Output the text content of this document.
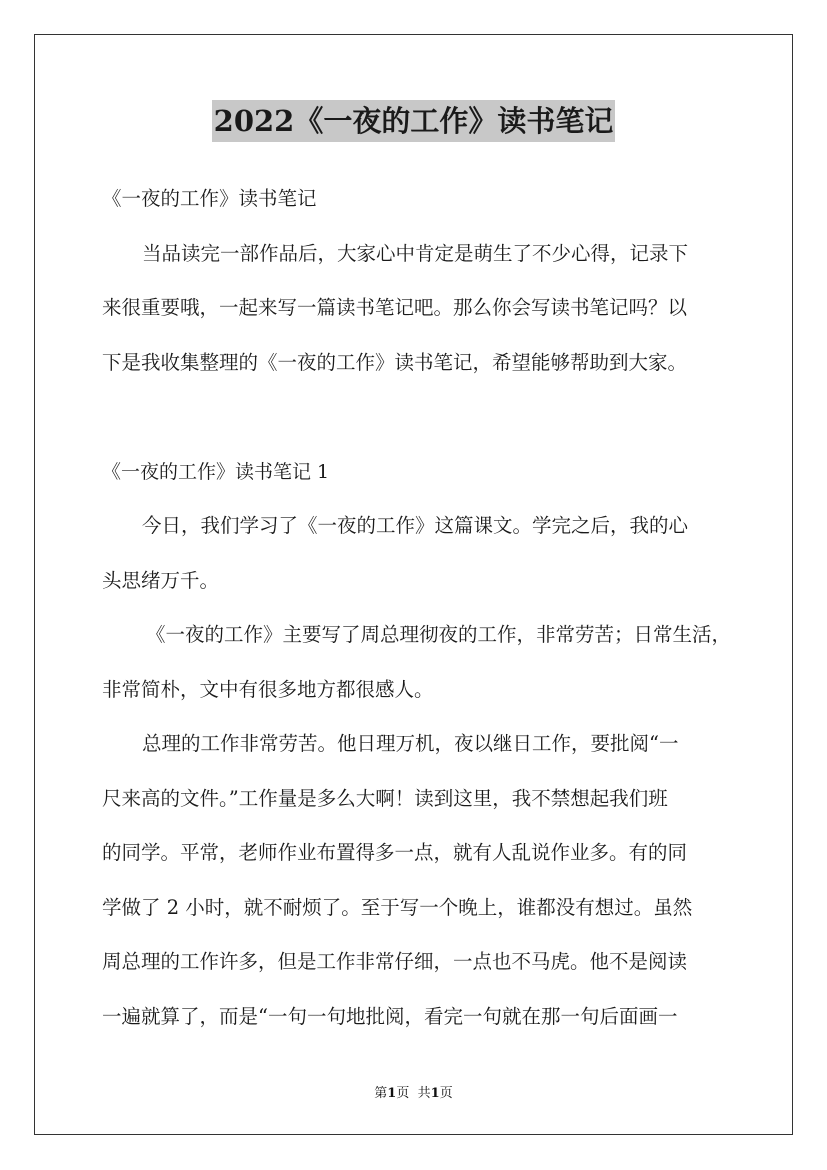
2022《一夜的工作》读书笔记

《一夜的工作》读书笔记

当品读完一部作品后，大家心中肯定是萌生了不少心得，记录下

来很重要哦，一起来写一篇读书笔记吧。那么你会写读书笔记吗？以

下是我收集整理的《一夜的工作》读书笔记，希望能够帮助到大家。

《一夜的工作》读书笔记 1

今日，我们学习了《一夜的工作》这篇课文。学完之后，我的心

头思绪万千。

《一夜的工作》主要写了周总理彻夜的工作，非常劳苦；日常生活，

非常简朴，文中有很多地方都很感人。

总理的工作非常劳苦。他日理万机，夜以继日工作，要批阅“一

尺来高的文件。”工作量是多么大啊！读到这里，我不禁想起我们班

的同学。平常，老师作业布置得多一点，就有人乱说作业多。有的同

学做了 2 小时，就不耐烦了。至于写一个晚上，谁都没有想过。虽然

周总理的工作许多，但是工作非常仔细，一点也不马虎。他不是阅读

一遍就算了，而是“一句一句地批阅，看完一句就在那一句后面画一

第1页 共1页
